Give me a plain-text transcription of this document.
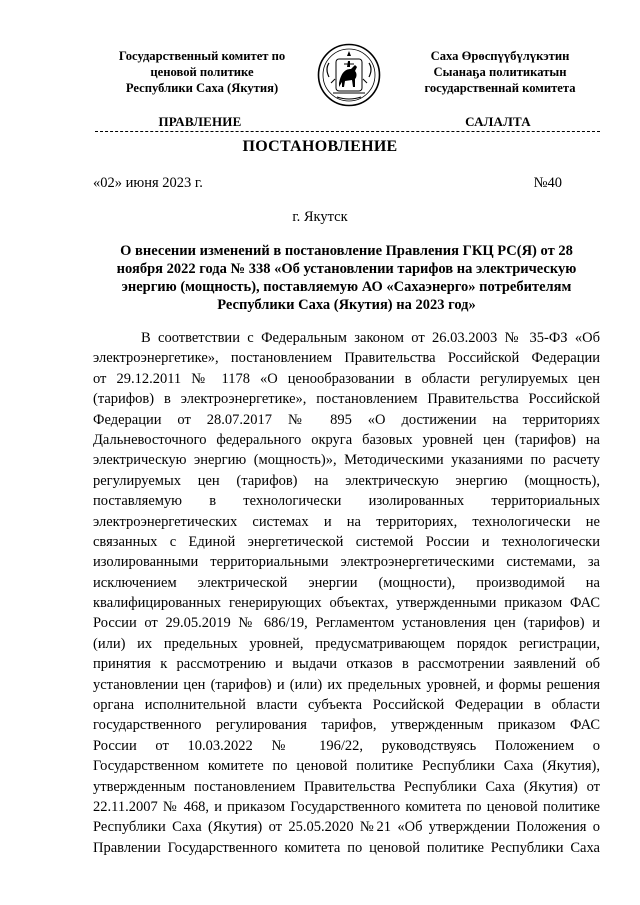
Государственный комитет по
ценовой политике
Республики Саха (Якутия)
Саха Өрөспүүбүлүкэтин
Сыанаҕа политикатын
государственнай комитета
ПРАВЛЕНИЕ	САЛАЛТА
ПОСТАНОВЛЕНИЕ
«02» июня 2023 г.	№40
г. Якутск
О внесении изменений в постановление Правления ГКЦ РС(Я) от 28
ноября 2022 года № 338 «Об установлении тарифов на электрическую
энергию (мощность), поставляемую АО «Сахаэнерго» потребителям
Республики Саха (Якутия) на 2023 год»
В соответствии с Федеральным законом от 26.03.2003 № 35-ФЗ «Об
электроэнергетике», постановлением Правительства Российской Федерации
от 29.12.2011 № 1178 «О ценообразовании в области регулируемых цен
(тарифов) в электроэнергетике», постановлением Правительства Российской
Федерации от 28.07.2017 № 895 «О достижении на территориях
Дальневосточного федерального округа базовых уровней цен (тарифов) на
электрическую энергию (мощность)», Методическими указаниями по расчету
регулируемых цен (тарифов) на электрическую энергию (мощность),
поставляемую в технологически изолированных территориальных
электроэнергетических системах и на территориях, технологически не
связанных с Единой энергетической системой России и технологически
изолированными территориальными электроэнергетическими системами, за
исключением электрической энергии (мощности), производимой на
квалифицированных генерирующих объектах, утвержденными приказом ФАС
России от 29.05.2019 № 686/19, Регламентом установления цен (тарифов) и
(или) их предельных уровней, предусматривающем порядок регистрации,
принятия к рассмотрению и выдачи отказов в рассмотрении заявлений об
установлении цен (тарифов) и (или) их предельных уровней, и формы решения
органа исполнительной власти субъекта Российской Федерации в области
государственного регулирования тарифов, утвержденным приказом ФАС
России от 10.03.2022 № 196/22, руководствуясь Положением о
Государственном комитете по ценовой политике Республики Саха (Якутия),
утвержденным постановлением Правительства Республики Саха (Якутия) от
22.11.2007 № 468, и приказом Государственного комитета по ценовой политике
Республики Саха (Якутия) от 25.05.2020 №21 «Об утверждении Положения о
Правлении Государственного комитета по ценовой политике Республики Саха
